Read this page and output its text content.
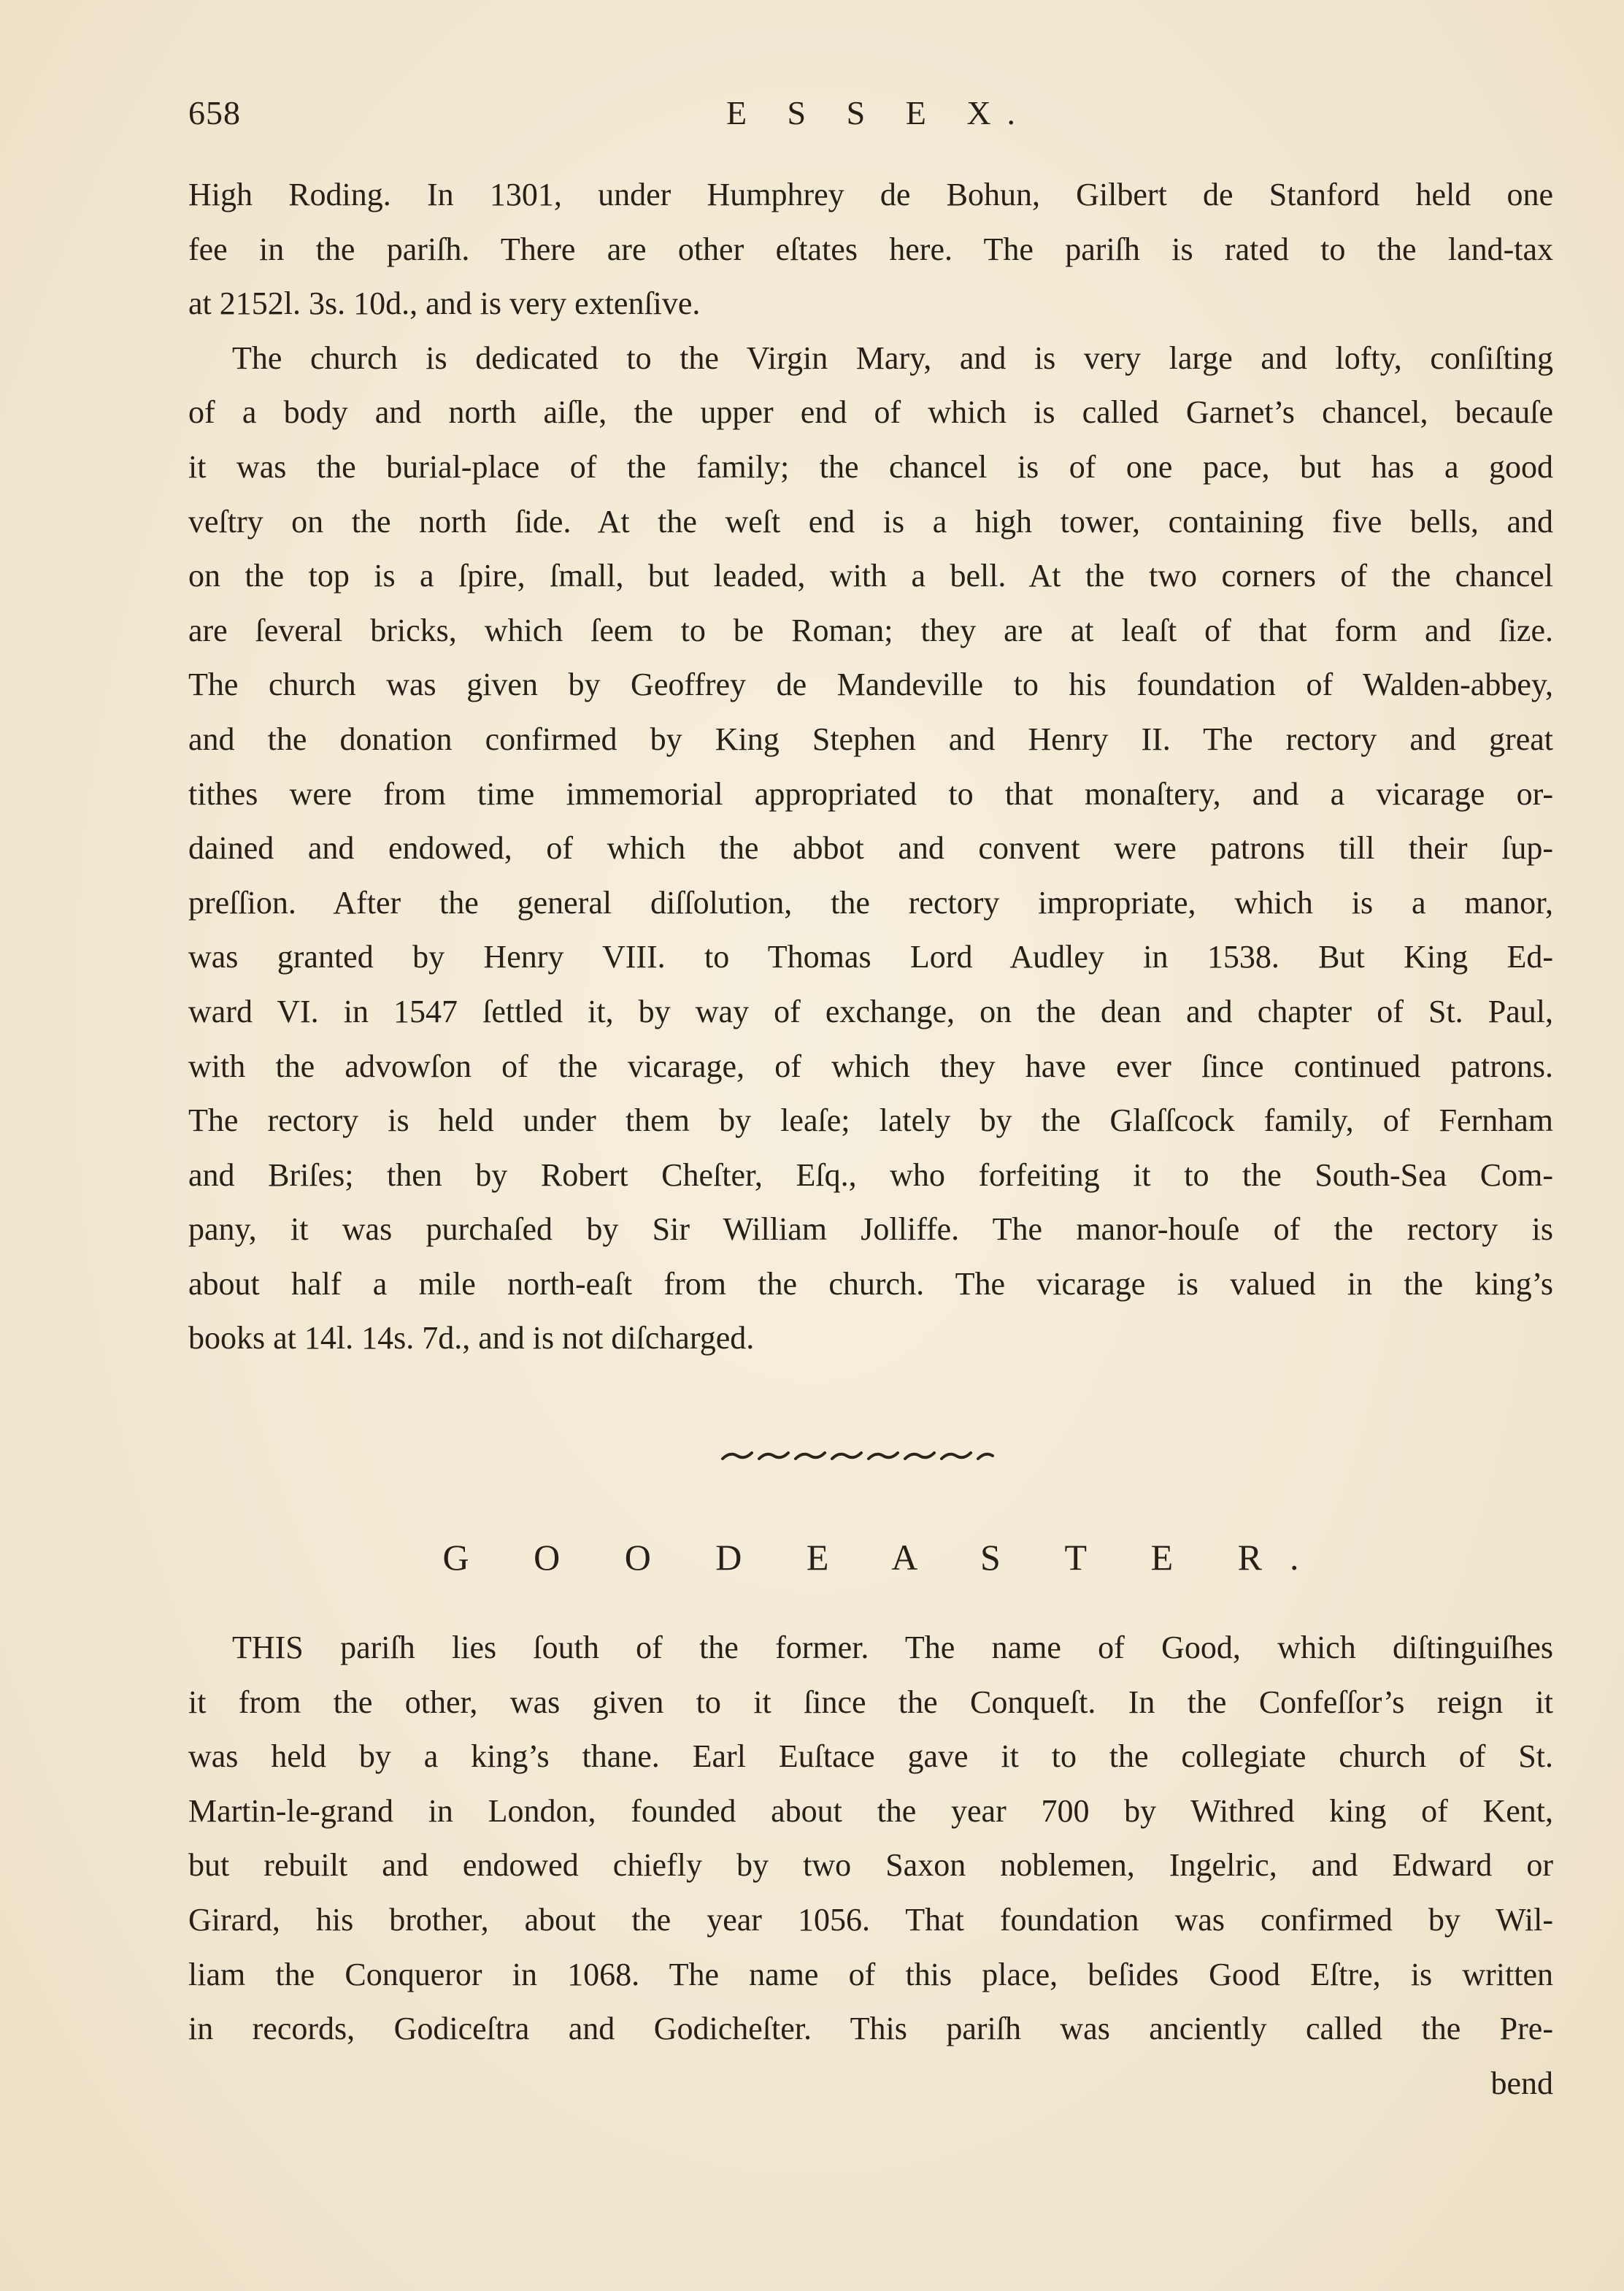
658	E S S E X.
High Roding. In 1301, under Humphrey de Bohun, Gilbert de Stanford held one
fee in the pariſh. There are other eſtates here. The pariſh is rated to the land-tax
at 2152l. 3s. 10d., and is very extenſive.
The church is dedicated to the Virgin Mary, and is very large and lofty, conſiſting
of a body and north aiſle, the upper end of which is called Garnet’s chancel, becauſe
it was the burial-place of the family; the chancel is of one pace, but has a good
veſtry on the north ſide. At the weſt end is a high tower, containing five bells, and
on the top is a ſpire, ſmall, but leaded, with a bell. At the two corners of the chancel
are ſeveral bricks, which ſeem to be Roman; they are at leaſt of that form and ſize.
The church was given by Geoffrey de Mandeville to his foundation of Walden-abbey,
and the donation confirmed by King Stephen and Henry II. The rectory and great
tithes were from time immemorial appropriated to that monaſtery, and a vicarage or-
dained and endowed, of which the abbot and convent were patrons till their ſup-
preſſion. After the general diſſolution, the rectory impropriate, which is a manor,
was granted by Henry VIII. to Thomas Lord Audley in 1538. But King Ed-
ward VI. in 1547 ſettled it, by way of exchange, on the dean and chapter of St. Paul,
with the advowſon of the vicarage, of which they have ever ſince continued patrons.
The rectory is held under them by leaſe; lately by the Glaſſcock family, of Fernham
and Briſes; then by Robert Cheſter, Eſq., who forfeiting it to the South-Sea Com-
pany, it was purchaſed by Sir William Jolliffe. The manor-houſe of the rectory is
about half a mile north-eaſt from the church. The vicarage is valued in the king’s
books at 14l. 14s. 7d., and is not diſcharged.
G O O D E A S T E R.
THIS pariſh lies ſouth of the former. The name of Good, which diſtinguiſhes
it from the other, was given to it ſince the Conqueſt. In the Confeſſor’s reign it
was held by a king’s thane. Earl Euſtace gave it to the collegiate church of St.
Martin-le-grand in London, founded about the year 700 by Withred king of Kent,
but rebuilt and endowed chiefly by two Saxon noblemen, Ingelric, and Edward or
Girard, his brother, about the year 1056. That foundation was confirmed by Wil-
liam the Conqueror in 1068. The name of this place, beſides Good Eſtre, is written
in records, Godiceſtra and Godicheſter. This pariſh was anciently called the Pre-
bend
